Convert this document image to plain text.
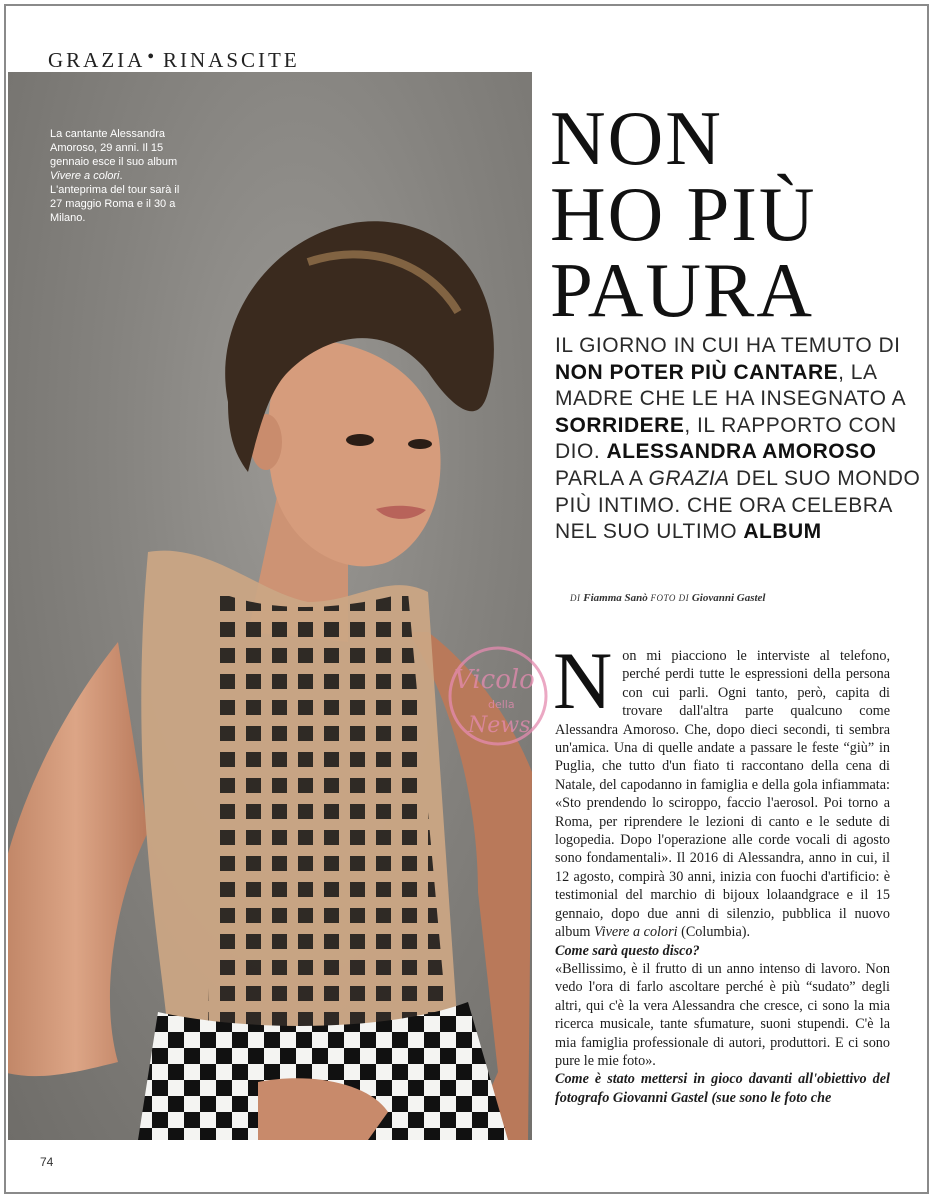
GRAZIA ● RINASCITE
La cantante Alessandra Amoroso, 29 anni. Il 15 gennaio esce il suo album Vivere a colori. L'anteprima del tour sarà il 27 maggio Roma e il 30 a Milano.
NON
HO PIÙ
PAURA
IL GIORNO IN CUI HA TEMUTO DI NON POTER PIÙ CANTARE, LA MADRE CHE LE HA INSEGNATO A SORRIDERE, IL RAPPORTO CON DIO. ALESSANDRA AMOROSO PARLA A GRAZIA DEL SUO MONDO PIÙ INTIMO. CHE ORA CELEBRA NEL SUO ULTIMO ALBUM
DI Fiamma Sanò FOTO DI Giovanni Gastel
Non mi piacciono le interviste al telefono, perché perdi tutte le espressioni della persona con cui parli. Ogni tanto, però, capita di trovare dall'altra parte qualcuno come Alessandra Amoroso. Che, dopo dieci secondi, ti sembra un'amica. Una di quelle andate a passare le feste “giù” in Puglia, che tutto d'un fiato ti raccontano della cena di Natale, del capodanno in famiglia e della gola infiammata: «Sto prendendo lo sciroppo, faccio l'aerosol. Poi torno a Roma, per riprendere le lezioni di canto e le sedute di logopedia. Dopo l'operazione alle corde vocali di agosto sono fondamentali». Il 2016 di Alessandra, anno in cui, il 12 agosto, compirà 30 anni, inizia con fuochi d'artificio: è testimonial del marchio di bijoux lolaandgrace e il 15 gennaio, dopo due anni di silenzio, pubblica il nuovo album Vivere a colori (Columbia).
Come sarà questo disco?
«Bellissimo, è il frutto di un anno intenso di lavoro. Non vedo l'ora di farlo ascoltare perché è più “sudato” degli altri, qui c'è la vera Alessandra che cresce, ci sono la mia ricerca musicale, tante sfumature, suoni stupendi. C'è la mia famiglia professionale di autori, produttori. E ci sono pure le mie foto».
Come è stato mettersi in gioco davanti all'obiettivo del fotografo Giovanni Gastel (sue sono le foto che
Vicolo
della
News
74
